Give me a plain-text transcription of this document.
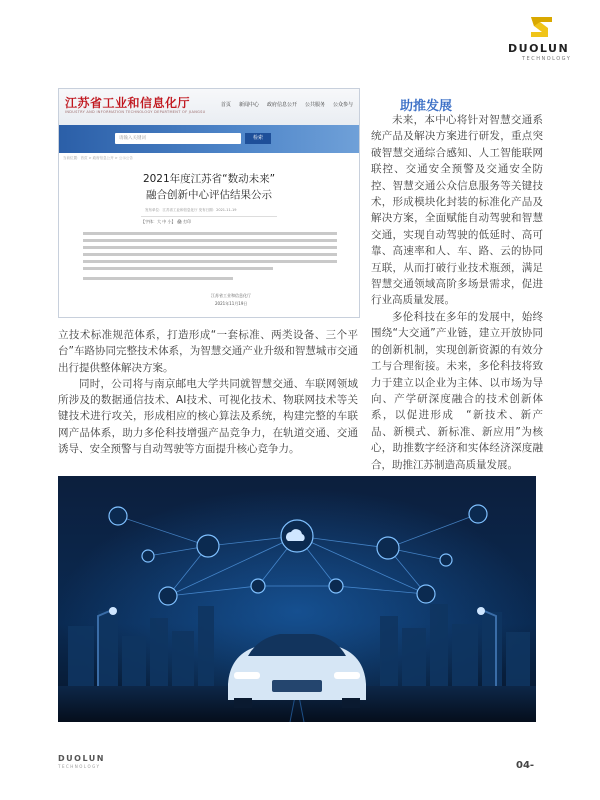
DUOLUN
TECHNOLOGY
江苏省工业和信息化厅
INDUSTRY AND INFORMATION TECHNOLOGY DEPARTMENT OF JIANGSU
首页 新闻中心 政府信息公开 公共服务 公众参与
请输入关键词	检索
当前位置：首页 > 政府信息公开 > 公示公告
2021年度江苏省“数动未来”
融合创新中心评估结果公示
发布单位：江苏省工业和信息化厅 发布日期：2021-11-19
【字体：大 中 小】 🖨 打印
江苏省工业和信息化厅
2021年11月19日
助推发展

未来，本中心将针对智慧交通系统产品及解决方案进行研发，重点突破智慧交通综合感知、人工智能联网联控、交通安全预警及交通安全防控、智慧交通公众信息服务等关键技术，形成模块化封装的标准化产品及解决方案，全面赋能自动驾驶和智慧交通，实现自动驾驶的低延时、高可靠、高速率和人、车、路、云的协同互联，从而打破行业技术瓶颈，满足智慧交通领域高阶多场景需求，促进行业高质量发展。

多伦科技在多年的发展中，始终围绕“大交通”产业链，建立开放协同的创新机制，实现创新资源的有效分工与合理衔接。未来，多伦科技将致力于建立以企业为主体、以市场为导向、产学研深度融合的技术创新体系，以促进形成　“新技术、新产品、新模式、新标准、新应用”为核心，助推数字经济和实体经济深度融合，助推江苏制造高质量发展。

立技术标准规范体系，打造形成“一套标准、两类设备、三个平台”车路协同完整技术体系，为智慧交通产业升级和智慧城市交通出行提供整体解决方案。

同时，公司将与南京邮电大学共同就智慧交通、车联网领域所涉及的数据通信技术、AI技术、可视化技术、物联网技术等关键技术进行攻关，形成相应的核心算法及系统，构建完整的车联网产品体系，助力多伦科技增强产品竞争力，在轨道交通、交通诱导、安全预警与自动驾驶等方面提升核心竞争力。

DUOLUN
TECHNOLOGY	04-
